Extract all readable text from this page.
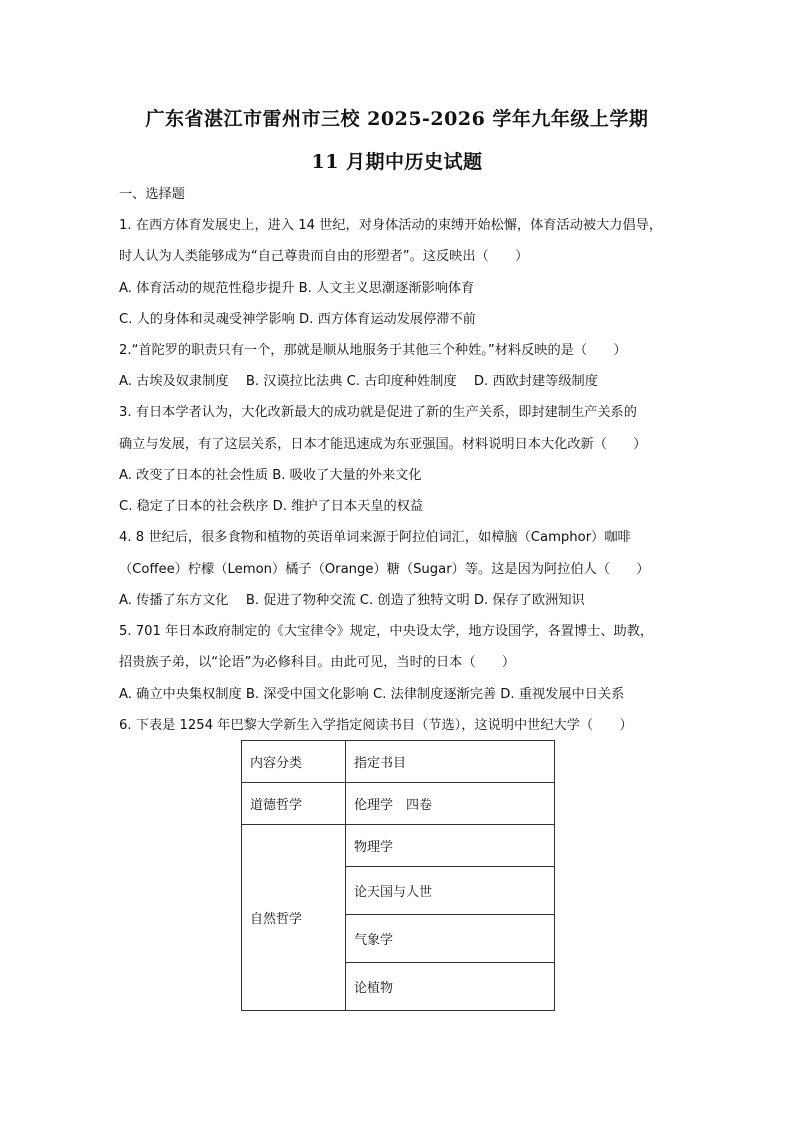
广东省湛江市雷州市三校 2025-2026 学年九年级上学期
11 月期中历史试题
一、选择题
1. 在西方体育发展史上，进入 14 世纪，对身体活动的束缚开始松懈，体育活动被大力倡导，
时人认为人类能够成为“自己尊贵而自由的形塑者”。这反映出（　　）
A. 体育活动的规范性稳步提升 B. 人文主义思潮逐渐影响体育
C. 人的身体和灵魂受神学影响 D. 西方体育运动发展停滞不前
2.“首陀罗的职责只有一个，那就是顺从地服务于其他三个种姓。”材料反映的是（　　）
A. 古埃及奴隶制度　 B. 汉谟拉比法典 C. 古印度种姓制度　 D. 西欧封建等级制度
3. 有日本学者认为，大化改新最大的成功就是促进了新的生产关系，即封建制生产关系的
确立与发展，有了这层关系，日本才能迅速成为东亚强国。材料说明日本大化改新（　　）
A. 改变了日本的社会性质 B. 吸收了大量的外来文化
C. 稳定了日本的社会秩序 D. 维护了日本天皇的权益
4. 8 世纪后，很多食物和植物的英语单词来源于阿拉伯词汇，如樟脑（Camphor）咖啡
（Coffee）柠檬（Lemon）橘子（Orange）糖（Sugar）等。这是因为阿拉伯人（　　）
A. 传播了东方文化　 B. 促进了物种交流 C. 创造了独特文明 D. 保存了欧洲知识
5. 701 年日本政府制定的《大宝律令》规定，中央设太学，地方设国学，各置博士、助教，
招贵族子弟，以“论语”为必修科目。由此可见，当时的日本（　　）
A. 确立中央集权制度 B. 深受中国文化影响 C. 法律制度逐渐完善 D. 重视发展中日关系
6. 下表是 1254 年巴黎大学新生入学指定阅读书目（节选），这说明中世纪大学（　　）
内容分类	指定书目
道德哲学	伦理学　四卷
自然哲学	物理学
	论天国与人世
	气象学
	论植物
